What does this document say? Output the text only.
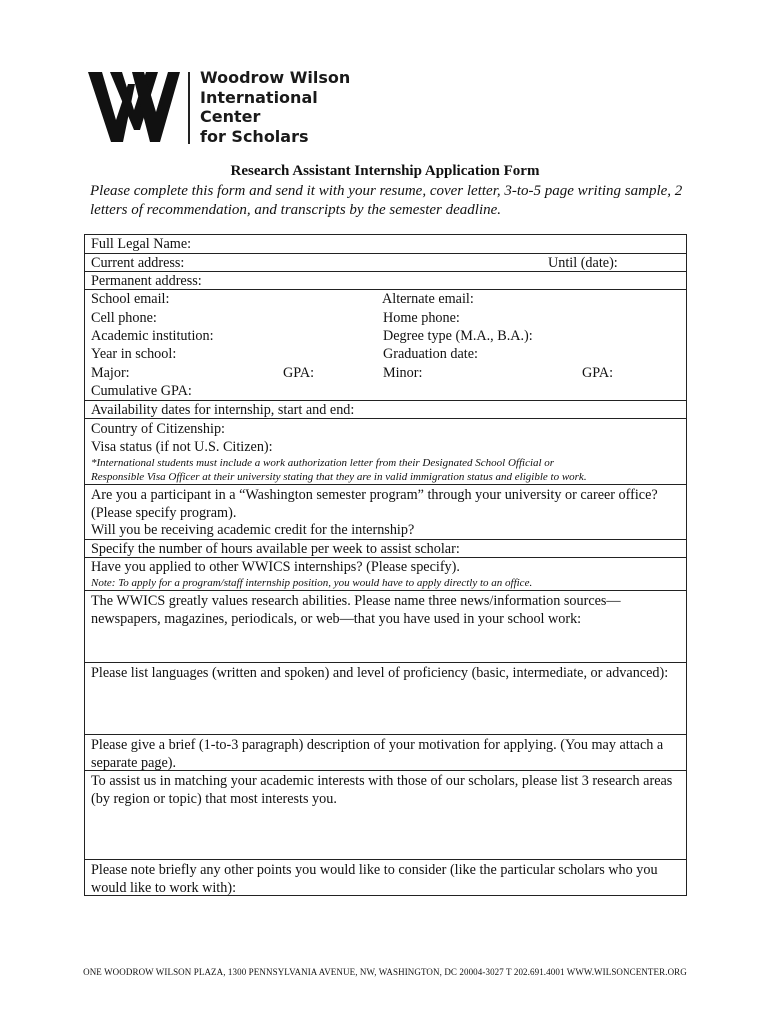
Woodrow Wilson
International
Center
for Scholars
Research Assistant Internship Application Form
Please complete this form and send it with your resume, cover letter, 3-to-5 page writing sample, 2 letters of recommendation, and transcripts by the semester deadline.
Full Legal Name:
Current address:	Until (date):
Permanent address:
School email:	Alternate email:
Cell phone:	Home phone:
Academic institution:	Degree type (M.A., B.A.):
Year in school:	Graduation date:
Major:	GPA:	Minor:	GPA:
Cumulative GPA:
Availability dates for internship, start and end:
Country of Citizenship:
Visa status (if not U.S. Citizen):
*International students must include a work authorization letter from their Designated School Official or
Responsible Visa Officer at their university stating that they are in valid immigration status and eligible to work.
Are you a participant in a “Washington semester program” through your university or career office? (Please specify program).
Will you be receiving academic credit for the internship?
Specify the number of hours available per week to assist scholar:
Have you applied to other WWICS internships? (Please specify).
Note: To apply for a program/staff internship position, you would have to apply directly to an office.
The WWICS greatly values research abilities. Please name three news/information sources—newspapers, magazines, periodicals, or web—that you have used in your school work:
Please list languages (written and spoken) and level of proficiency (basic, intermediate, or advanced):
Please give a brief (1-to-3 paragraph) description of your motivation for applying. (You may attach a separate page).
To assist us in matching your academic interests with those of our scholars, please list 3 research areas (by region or topic) that most interests you.
Please note briefly any other points you would like to consider (like the particular scholars who you would like to work with):
ONE WOODROW WILSON PLAZA, 1300 PENNSYLVANIA AVENUE, NW, WASHINGTON, DC 20004-3027 T 202.691.4001 WWW.WILSONCENTER.ORG
